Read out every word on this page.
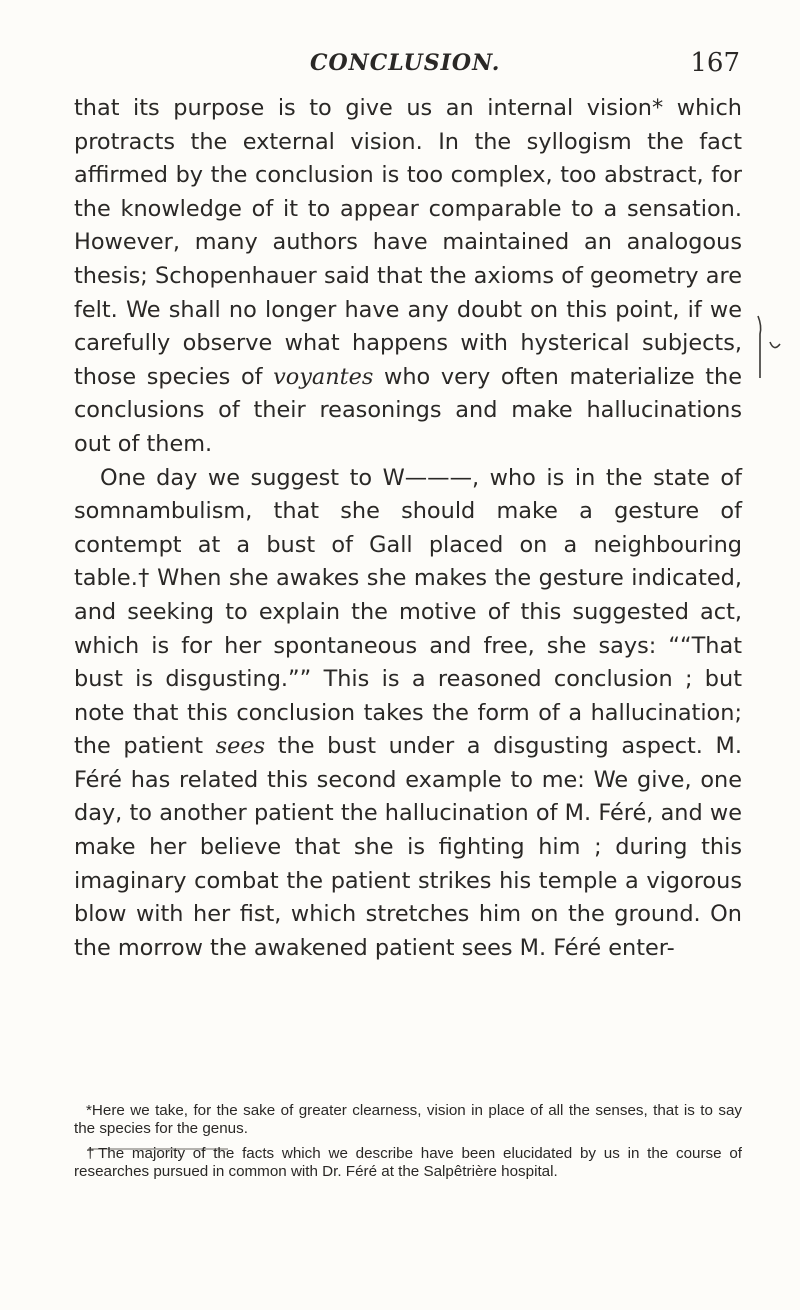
CONCLUSION.	167

that its purpose is to give us an internal vision* which protracts the external vision. In the syllogism the fact affirmed by the conclusion is too complex, too abstract, for the knowledge of it to appear comparable to a sensation. However, many authors have maintained an analogous thesis; Schopenhauer said that the axioms of geometry are felt. We shall no longer have any doubt on this point, if we carefully observe what happens with hysterical subjects, those species of voyantes who very often materialize the conclusions of their reasonings and make hallucinations out of them.

One day we suggest to W———, who is in the state of somnambulism, that she should make a gesture of contempt at a bust of Gall placed on a neighbouring table.† When she awakes she makes the gesture indicated, and seeking to explain the motive of this suggested act, which is for her spontaneous and free, she says: ““That bust is disgusting.”” This is a reasoned conclusion ; but note that this conclusion takes the form of a hallucination; the patient sees the bust under a disgusting aspect. M. Féré has related this second example to me: We give, one day, to another patient the hallucination of M. Féré, and we make her believe that she is fighting him ; during this imaginary combat the patient strikes his temple a vigorous blow with her fist, which stretches him on the ground. On the morrow the awakened patient sees M. Féré enter-

*Here we take, for the sake of greater clearness, vision in place of all the senses, that is to say the species for the genus.

†The majority of the facts which we describe have been elucidated by us in the course of researches pursued in common with Dr. Féré at the Salpêtrière hospital.
